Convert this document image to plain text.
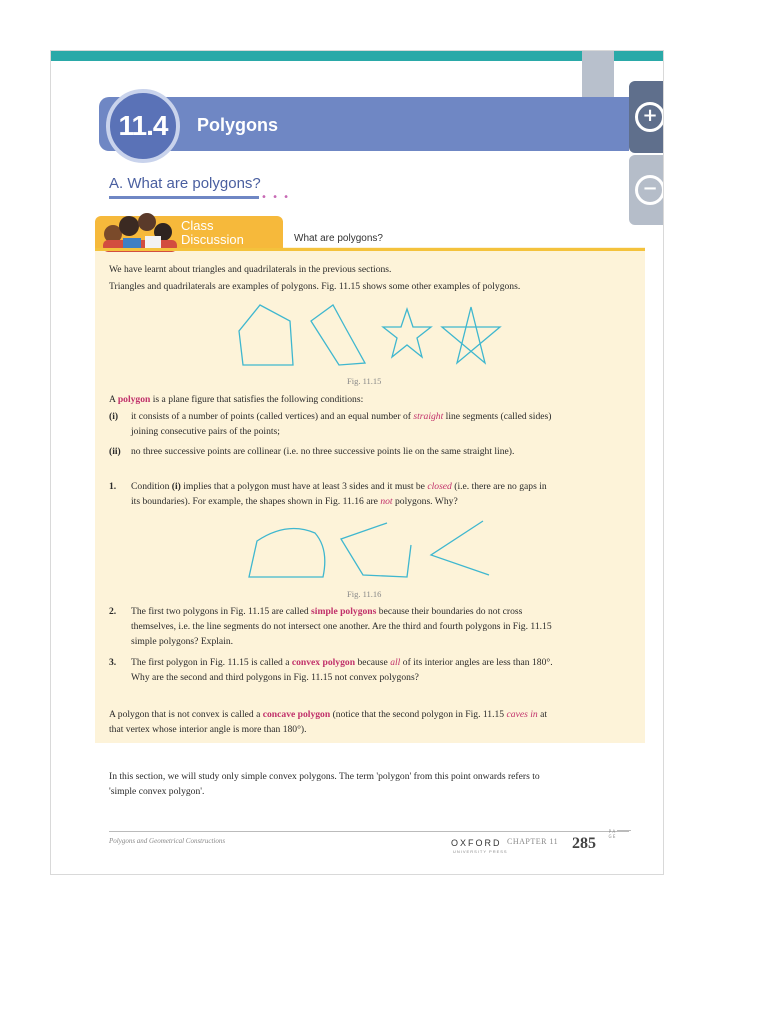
+
−
11.4	Polygons
A. What are polygons?
• • •
Class
Discussion	What are polygons?
We have learnt about triangles and quadrilaterals in the previous sections.
Triangles and quadrilaterals are examples of polygons. Fig. 11.15 shows some other examples of polygons.
Fig. 11.15
A polygon is a plane figure that satisfies the following conditions:
(i) it consists of a number of points (called vertices) and an equal number of straight line segments (called sides)
joining consecutive pairs of the points;
(ii) no three successive points are collinear (i.e. no three successive points lie on the same straight line).
1. Condition (i) implies that a polygon must have at least 3 sides and it must be closed (i.e. there are no gaps in
its boundaries). For example, the shapes shown in Fig. 11.16 are not polygons. Why?
Fig. 11.16
2. The first two polygons in Fig. 11.15 are called simple polygons because their boundaries do not cross
themselves, i.e. the line segments do not intersect one another. Are the third and fourth polygons in Fig. 11.15
simple polygons? Explain.
3. The first polygon in Fig. 11.15 is called a convex polygon because all of its interior angles are less than 180°.
Why are the second and third polygons in Fig. 11.15 not convex polygons?
A polygon that is not convex is called a concave polygon (notice that the second polygon in Fig. 11.15 caves in at
that vertex whose interior angle is more than 180°).
In this section, we will study only simple convex polygons. The term 'polygon' from this point onwards refers to
'simple convex polygon'.
Polygons and Geometrical Constructions	OXFORD
UNIVERSITY PRESS
CHAPTER 11 285
P A G E
